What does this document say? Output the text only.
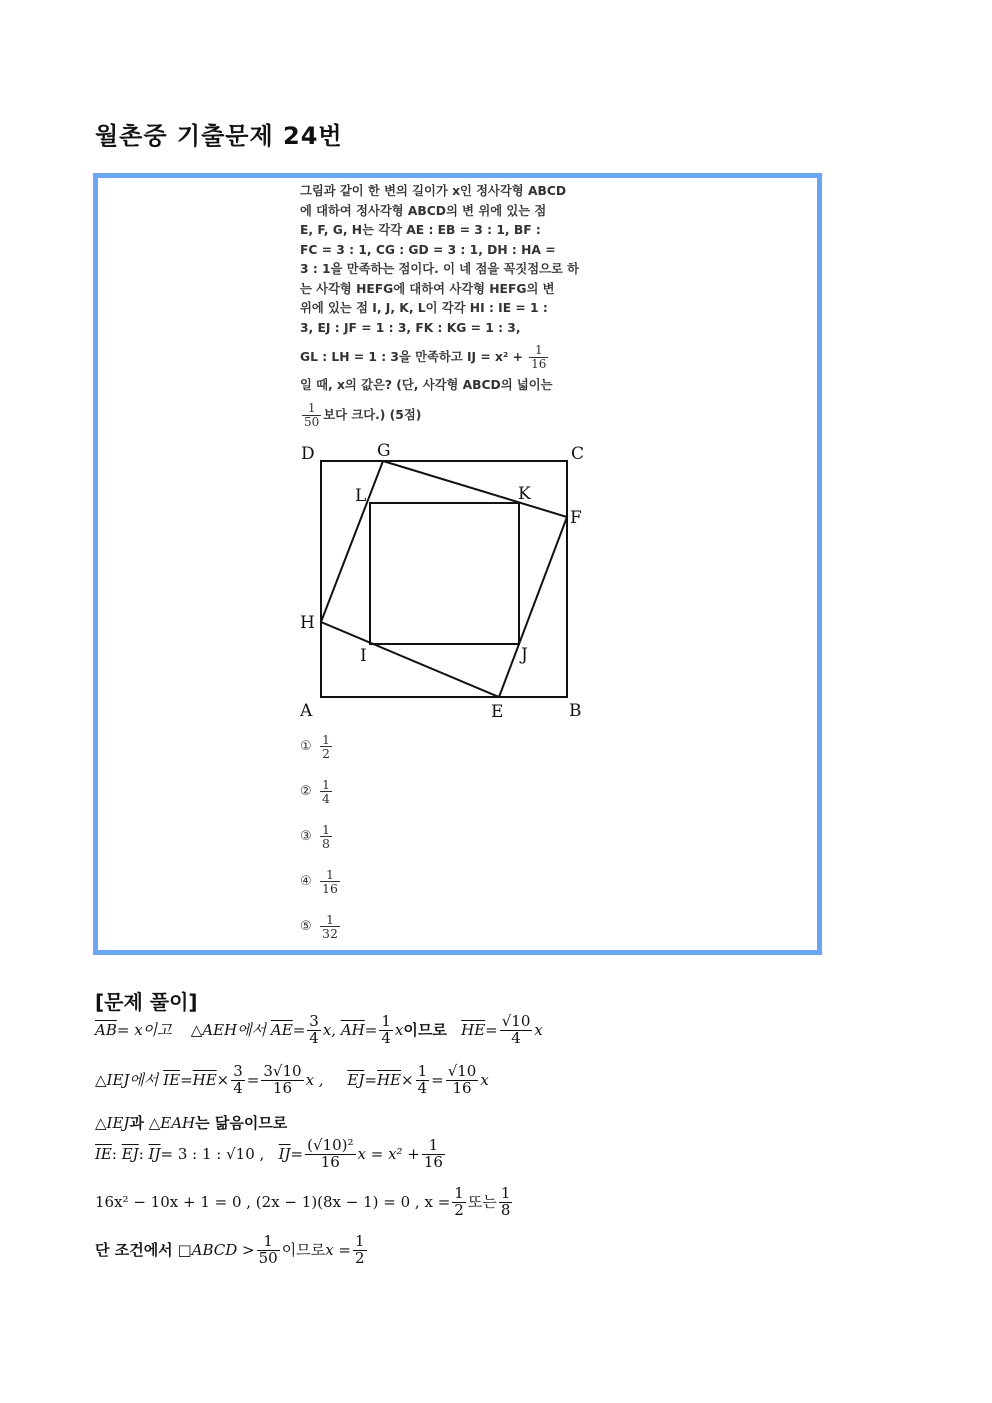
월촌중 기출문제 24번
그림과 같이 한 변의 길이가 x인 정사각형 ABCD
에 대하여 정사각형 ABCD의 변 위에 있는 점
E, F, G, H는 각각 AE : EB = 3 : 1, BF :
FC = 3 : 1, CG : GD = 3 : 1, DH : HA =
3 : 1을 만족하는 점이다. 이 네 점을 꼭짓점으로 하
는 사각형 HEFG에 대하여 사각형 HEFG의 변
위에 있는 점 I, J, K, L이 각각 HI : IE = 1 :
3, EJ : JF = 1 : 3, FK : KG = 1 : 3,
GL : LH = 1 : 3을 만족하고 IJ = $x^2 + \frac{1}{16}$
일 때, x의 값은? (단, 사각형 ABCD의 넓이는
$\frac{1}{50}$ 보다 크다.) (5점)
A	B
C
D
E
F
G
H
I	J
K
L
① $\frac{1}{2}$
② $\frac{1}{4}$
③ $\frac{1}{8}$
④ $\frac{1}{16}$
⑤ $\frac{1}{32}$
[문제 풀이]
$\overline{AB}= x$이고 △AEH에서 $\overline{AE}= \frac{3}{4} x$, $\overline{AH}= \frac{1}{4}$ x이므로 $\overline{HE}= \frac{√10}{4}$ x
△IEJ에서 $\overline{IE}=\overline{HE}\times \frac{3}{4} = \frac{3√10}{16}$ x , $\overline{EJ}=\overline{HE}\times \frac{1}{4} = \frac{√10}{16}$ x
△IEJ과 △EAH는 닮음이므로
$\overline{IE}$: $\overline{EJ}$: $\overline{IJ}= 3$ : 1 : √10 , $\overline{IJ}= \frac{\text{(√10)²}}{16}$ $x = x^2 + \frac{1}{16}$
16x² − 10x + 1 = 0 , (2x − 1)(8x − 1) = 0 , $x = \frac{1}{2}$ 또는 $\frac{1}{8}$
단 조건에서 □ABCD > $\frac{1}{50}$ 이므로$x = \frac{1}{2}$
